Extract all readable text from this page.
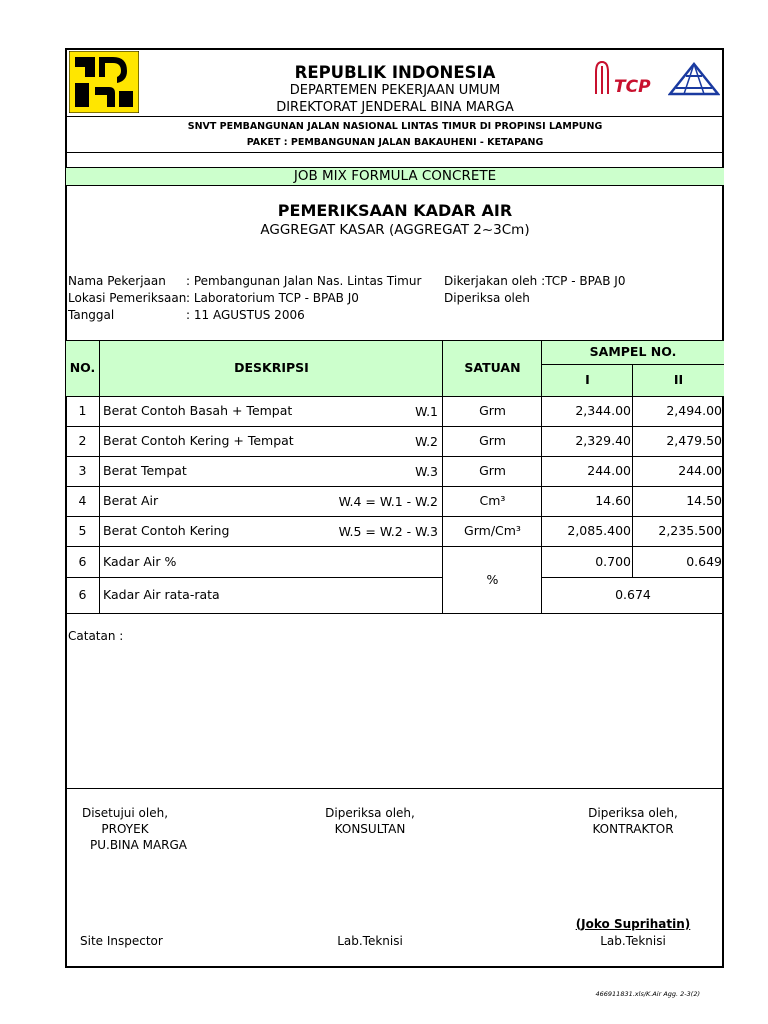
TCP
REPUBLIK INDONESIA
DEPARTEMEN PEKERJAAN UMUM
DIREKTORAT JENDERAL BINA MARGA
SNVT PEMBANGUNAN JALAN NASIONAL LINTAS TIMUR DI PROPINSI LAMPUNG
PAKET : PEMBANGUNAN JALAN BAKAUHENI - KETAPANG
JOB MIX FORMULA CONCRETE
PEMERIKSAAN KADAR AIR
AGGREGAT KASAR (AGGREGAT 2~3Cm)
Nama Pekerjaan : Pembangunan Jalan Nas. Lintas Timur
Lokasi Pemeriksaan : Laboratorium TCP - BPAB J0
Tanggal	: 11 AGUSTUS 2006
Dikerjakan oleh :TCP - BPAB J0
Diperiksa oleh
NO.	DESKRIPSI	SATUAN
SAMPEL NO.
I	II
1	Berat Contoh Basah + Tempat	W.1	Grm	2,344.00	2,494.00
2	Berat Contoh Kering + Tempat	W.2	Grm	2,329.40	2,479.50
3	Berat Tempat	W.3	Grm	244.00	244.00
4	Berat Air	W.4 = W.1 - W.2	Cm³	14.60	14.50
5	Berat Contoh Kering	W.5 = W.2 - W.3	Grm/Cm³	2,085.400	2,235.500
6	Kadar Air %	0.700	0.649
%
6	Kadar Air rata-rata	0.674
Catatan :
Disetujui oleh,
PROYEK
PU.BINA MARGA
Diperiksa oleh,
KONSULTAN
Diperiksa oleh,
KONTRAKTOR
(Joko Suprihatin)
Site Inspector	Lab.Teknisi	Lab.Teknisi
466911831.xls/K.Air Agg. 2-3(2)
